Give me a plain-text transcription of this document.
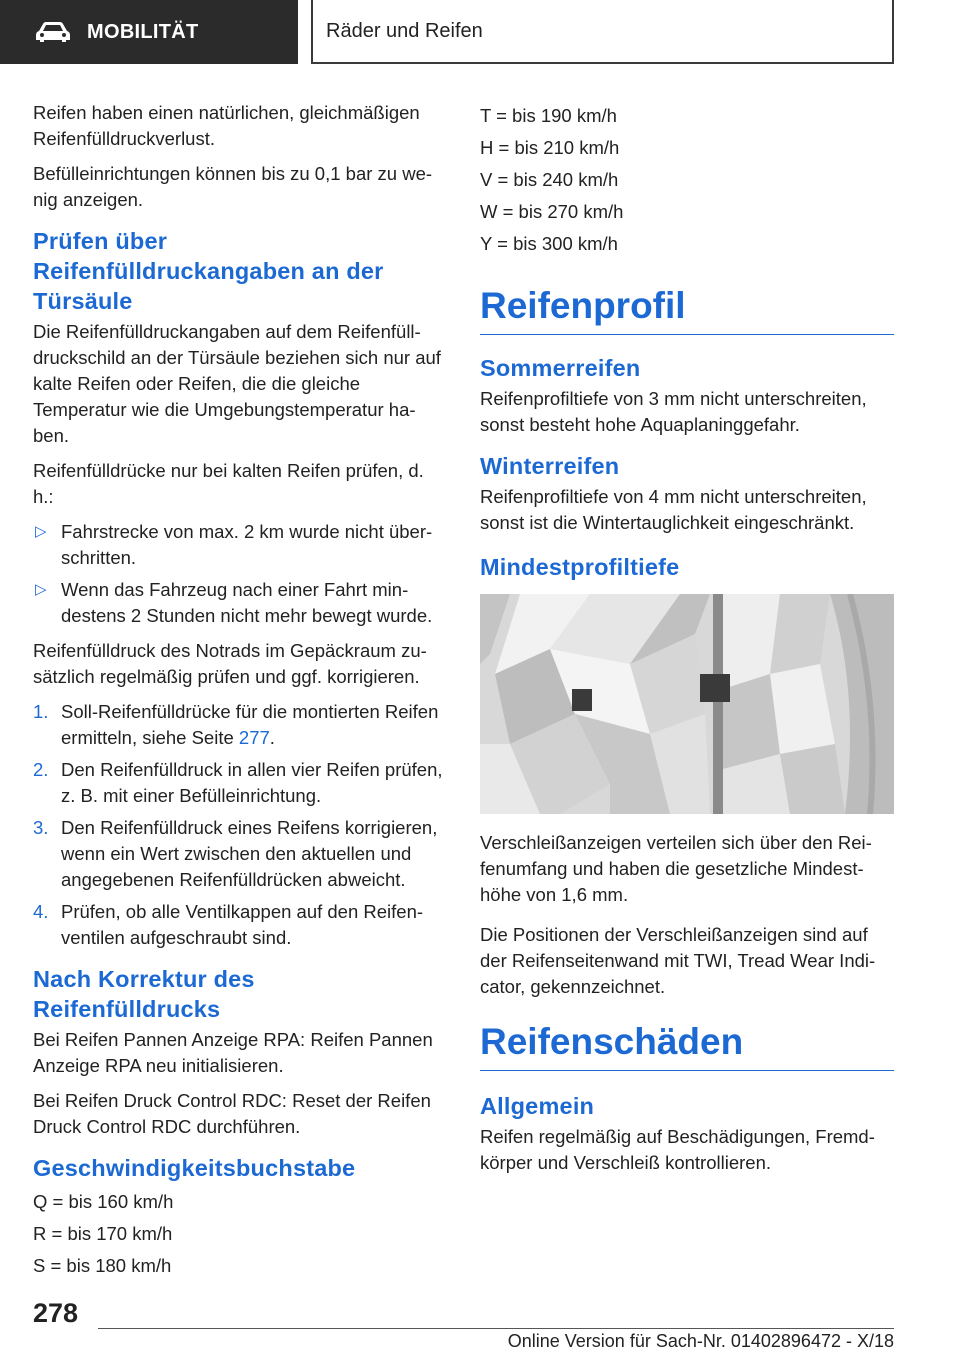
MOBILITÄT	Räder und Reifen

Reifen haben einen natürlichen, gleichmäßigen Reifenfülldruckverlust.

Befülleinrichtungen können bis zu 0,1 bar zu wenig anzeigen.

Prüfen über Reifenfülldruckangaben an der Türsäule

Die Reifenfülldruckangaben auf dem Reifenfülldruckschild an der Türsäule beziehen sich nur auf kalte Reifen oder Reifen, die die gleiche Temperatur wie die Umgebungstemperatur haben.

Reifenfülldrücke nur bei kalten Reifen prüfen, d. h.:

▷ Fahrstrecke von max. 2 km wurde nicht überschritten.
▷ Wenn das Fahrzeug nach einer Fahrt mindestens 2 Stunden nicht mehr bewegt wurde.

Reifenfülldruck des Notrads im Gepäckraum zusätzlich regelmäßig prüfen und ggf. korrigieren.

1. Soll-Reifenfülldrücke für die montierten Reifen ermitteln, siehe Seite 277.
2. Den Reifenfülldruck in allen vier Reifen prüfen, z. B. mit einer Befülleinrichtung.
3. Den Reifenfülldruck eines Reifens korrigieren, wenn ein Wert zwischen den aktuellen und angegebenen Reifenfülldrücken abweicht.
4. Prüfen, ob alle Ventilkappen auf den Reifenventilen aufgeschraubt sind.
Nach Korrektur des Reifenfülldrucks

Bei Reifen Pannen Anzeige RPA: Reifen Pannen Anzeige RPA neu initialisieren.

Bei Reifen Druck Control RDC: Reset der Reifen Druck Control RDC durchführen.

Geschwindigkeitsbuchstabe

Q = bis 160 km/h

R = bis 170 km/h

S = bis 180 km/h

T = bis 190 km/h

H = bis 210 km/h

V = bis 240 km/h

W = bis 270 km/h

Y = bis 300 km/h

Reifenprofil
Sommerreifen

Reifenprofiltiefe von 3 mm nicht unterschreiten, sonst besteht hohe Aquaplaninggefahr.

Winterreifen

Reifenprofiltiefe von 4 mm nicht unterschreiten, sonst ist die Wintertauglichkeit eingeschränkt.

Mindestprofiltiefe

Verschleißanzeigen verteilen sich über den Reifenumfang und haben die gesetzliche Mindesthöhe von 1,6 mm.

Die Positionen der Verschleißanzeigen sind auf der Reifenseitenwand mit TWI, Tread Wear Indicator, gekennzeichnet.

Reifenschäden
Allgemein

Reifen regelmäßig auf Beschädigungen, Fremdkörper und Verschleiß kontrollieren.

278
Online Version für Sach-Nr. 01402896472 - X/18
